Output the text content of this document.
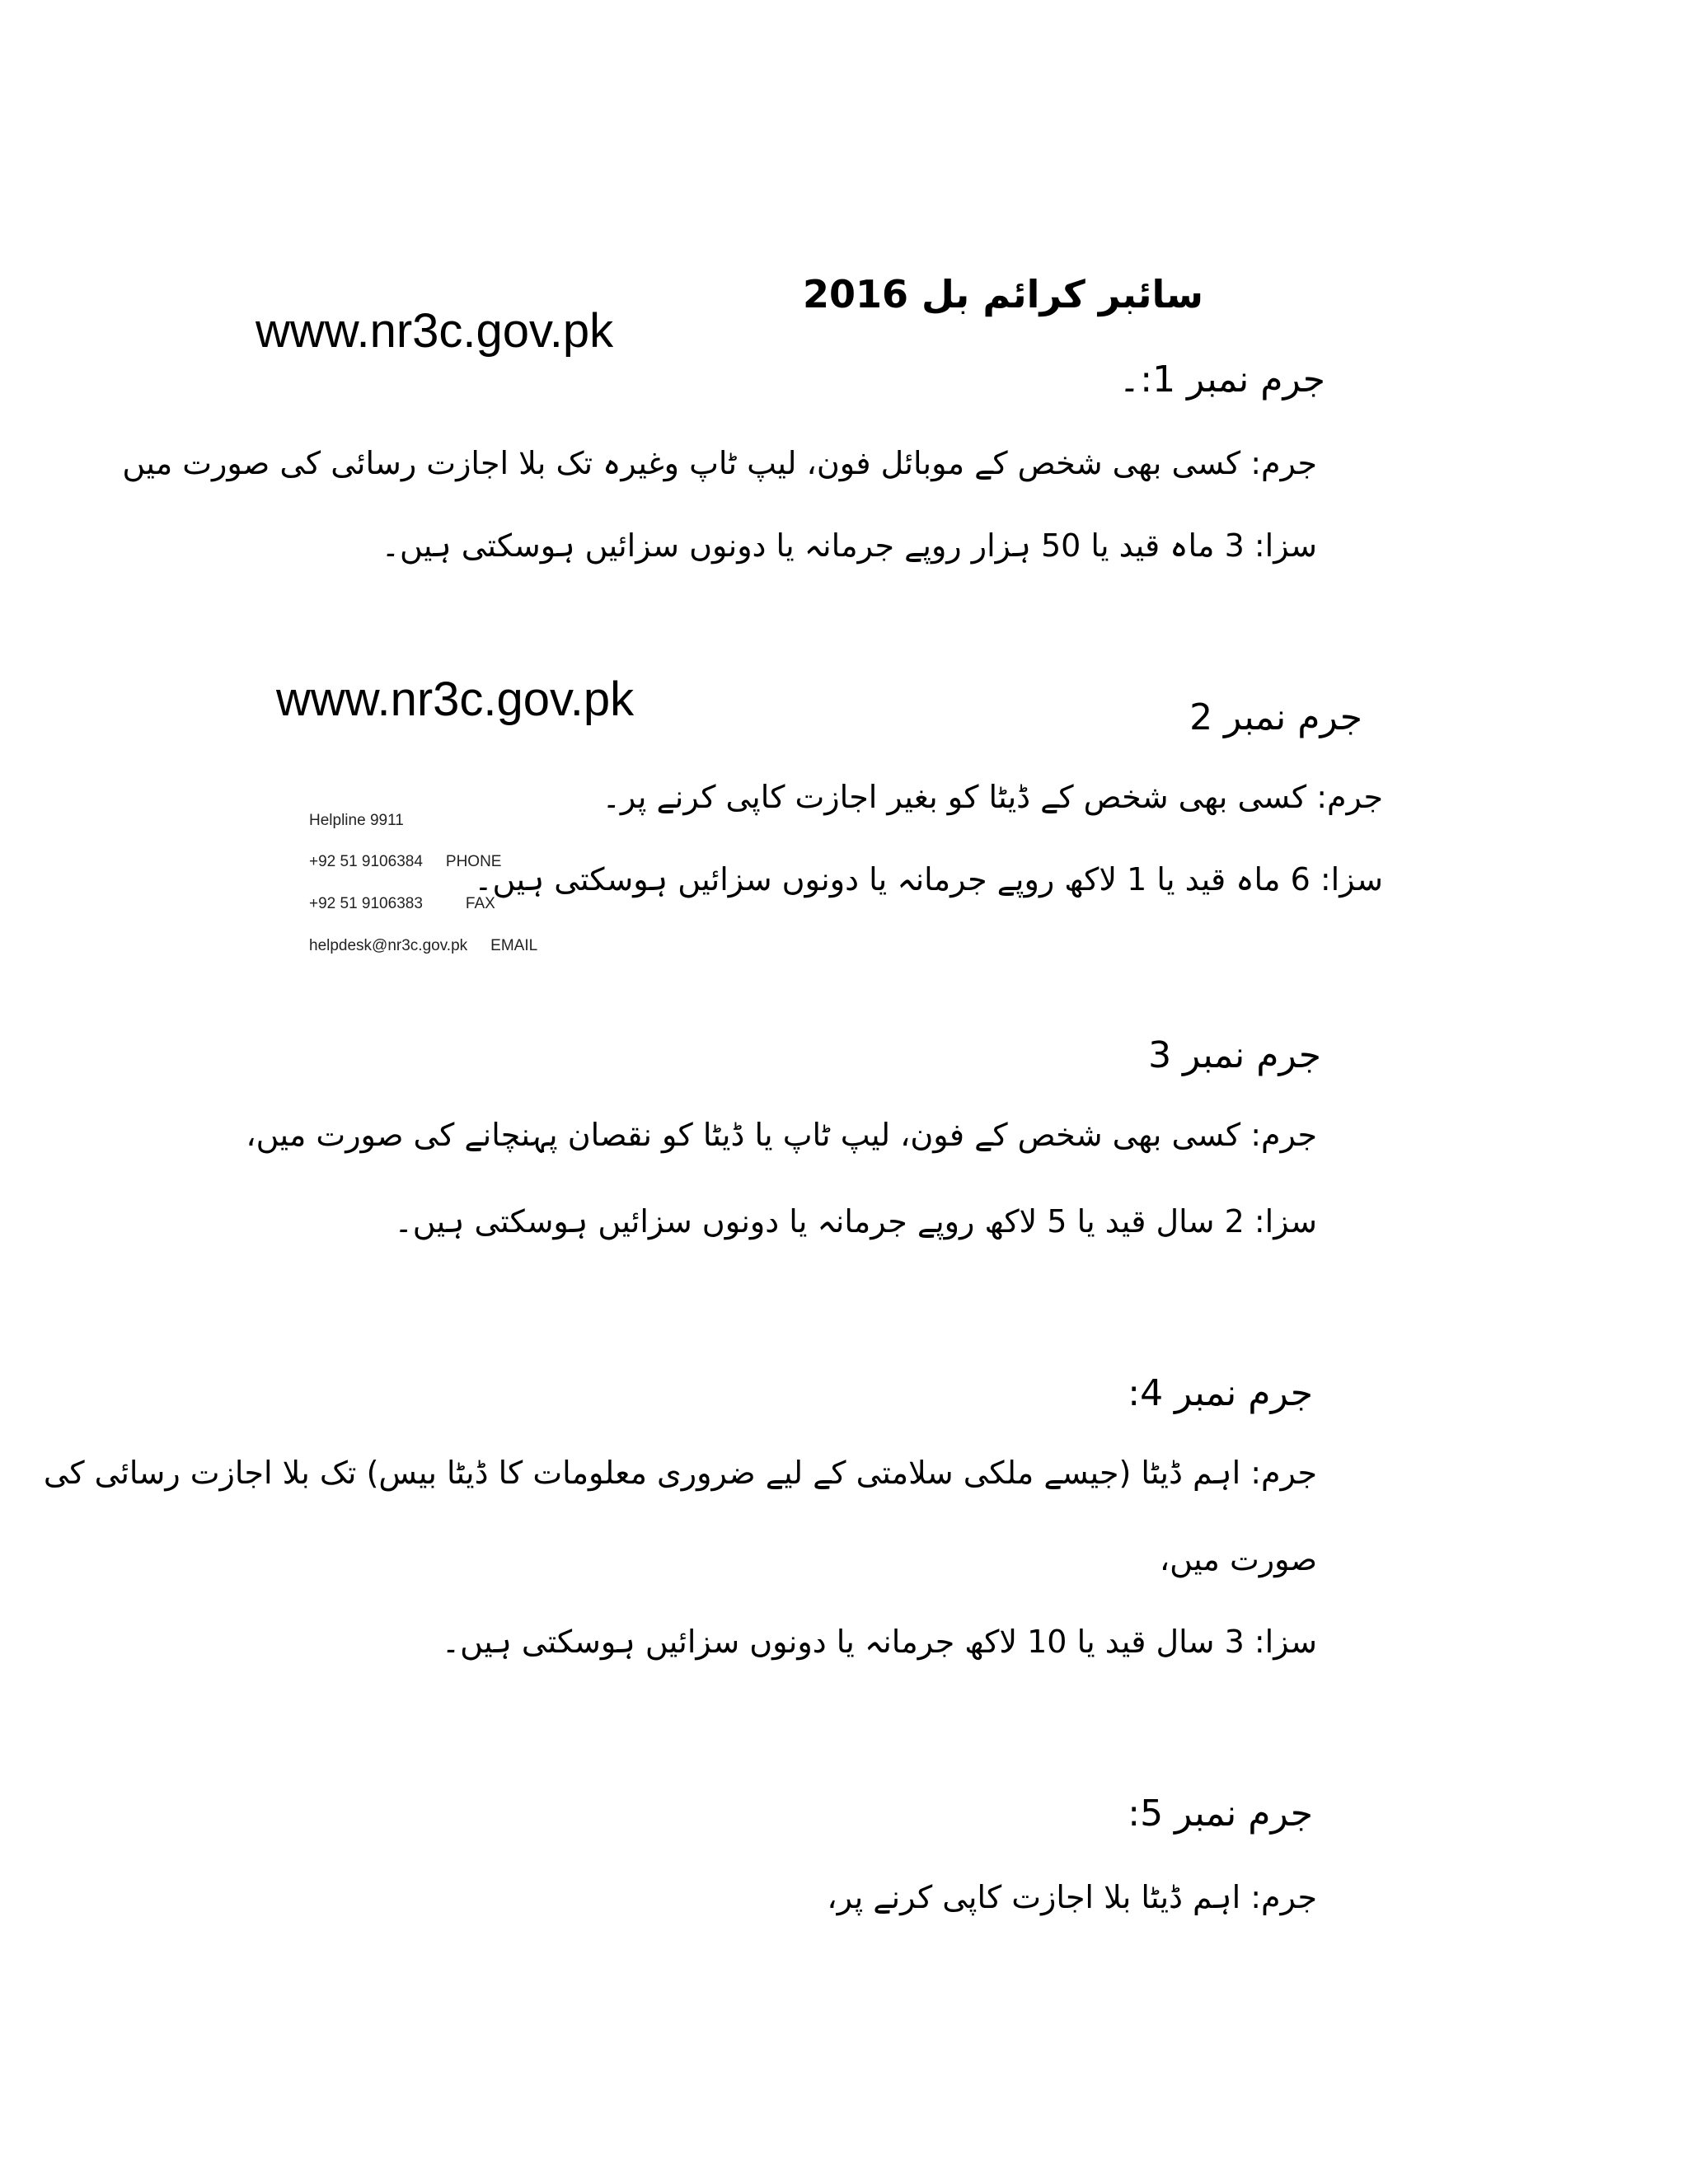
سائبر کرائم بل 2016
www.nr3c.gov.pk
www.nr3c.gov.pk
جرم نمبر 1:۔
جرم: کسی بھی شخص کے موبائل فون، لیپ ٹاپ وغیرہ تک بلا اجازت رسائی کی صورت میں
سزا: 3 ماہ قید یا 50 ہزار روپے جرمانہ یا دونوں سزائیں ہوسکتی ہیں۔
جرم نمبر 2
جرم: کسی بھی شخص کے ڈیٹا کو بغیر اجازت کاپی کرنے پر۔
سزا: 6 ماہ قید یا 1 لاکھ روپے جرمانہ یا دونوں سزائیں ہوسکتی ہیں۔
Helpline 9911
+92 51 9106384 PHONE
+92 51 9106383	FAX
helpdesk@nr3c.gov.pk EMAIL
جرم نمبر 3
جرم: کسی بھی شخص کے فون، لیپ ٹاپ یا ڈیٹا کو نقصان پہنچانے کی صورت میں،
سزا: 2 سال قید یا 5 لاکھ روپے جرمانہ یا دونوں سزائیں ہوسکتی ہیں۔
جرم نمبر 4:
جرم: اہم ڈیٹا (جیسے ملکی سلامتی کے لیے ضروری معلومات کا ڈیٹا بیس) تک بلا اجازت رسائی کی
صورت میں،
سزا: 3 سال قید یا 10 لاکھ جرمانہ یا دونوں سزائیں ہوسکتی ہیں۔
جرم نمبر 5:
جرم: اہم ڈیٹا بلا اجازت کاپی کرنے پر،
